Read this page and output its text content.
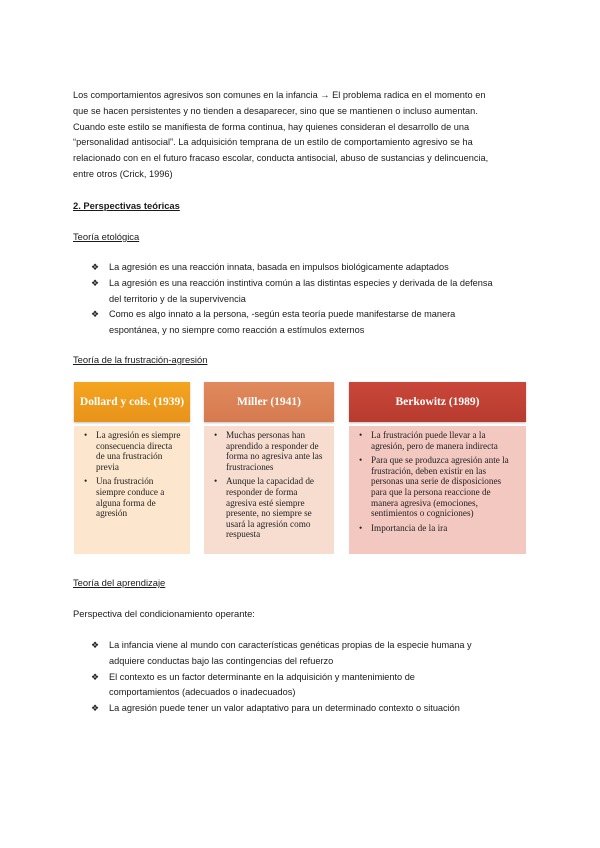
Los comportamientos agresivos son comunes en la infancia → El problema radica en el momento en
que se hacen persistentes y no tienden a desaparecer, sino que se mantienen o incluso aumentan.
Cuando este estilo se manifiesta de forma continua, hay quienes consideran el desarrollo de una
“personalidad antisocial”. La adquisición temprana de un estilo de comportamiento agresivo se ha
relacionado con en el futuro fracaso escolar, conducta antisocial, abuso de sustancias y delincuencia,
entre otros (Crick, 1996)
2. Perspectivas teóricas
Teoría etológica
❖ La agresión es una reacción innata, basada en impulsos biológicamente adaptados
❖ La agresión es una reacción instintiva común a las distintas especies y derivada de la defensa
del territorio y de la supervivencia
❖ Como es algo innato a la persona, -según esta teoría puede manifestarse de manera
espontánea, y no siempre como reacción a estímulos externos
Teoría de la frustración-agresión
Dollard y cols. (1939)
• La agresión es siempre consecuencia directa de una frustración previa
• Una frustración siempre conduce a alguna forma de agresión
Miller (1941)
• Muchas personas han aprendido a responder de forma no agresiva ante las frustraciones
• Aunque la capacidad de responder de forma agresiva esté siempre presente, no siempre se usará la agresión como respuesta
Berkowitz (1989)
• La frustración puede llevar a la agresión, pero de manera indirecta
• Para que se produzca agresión ante la frustración, deben existir en las personas una serie de disposiciones para que la persona reaccione de manera agresiva (emociones, sentimientos o cogniciones)
• Importancia de la ira
Teoría del aprendizaje
Perspectiva del condicionamiento operante:
❖ La infancia viene al mundo con características genéticas propias de la especie humana y
adquiere conductas bajo las contingencias del refuerzo
❖ El contexto es un factor determinante en la adquisición y mantenimiento de
comportamientos (adecuados o inadecuados)
❖ La agresión puede tener un valor adaptativo para un determinado contexto o situación
